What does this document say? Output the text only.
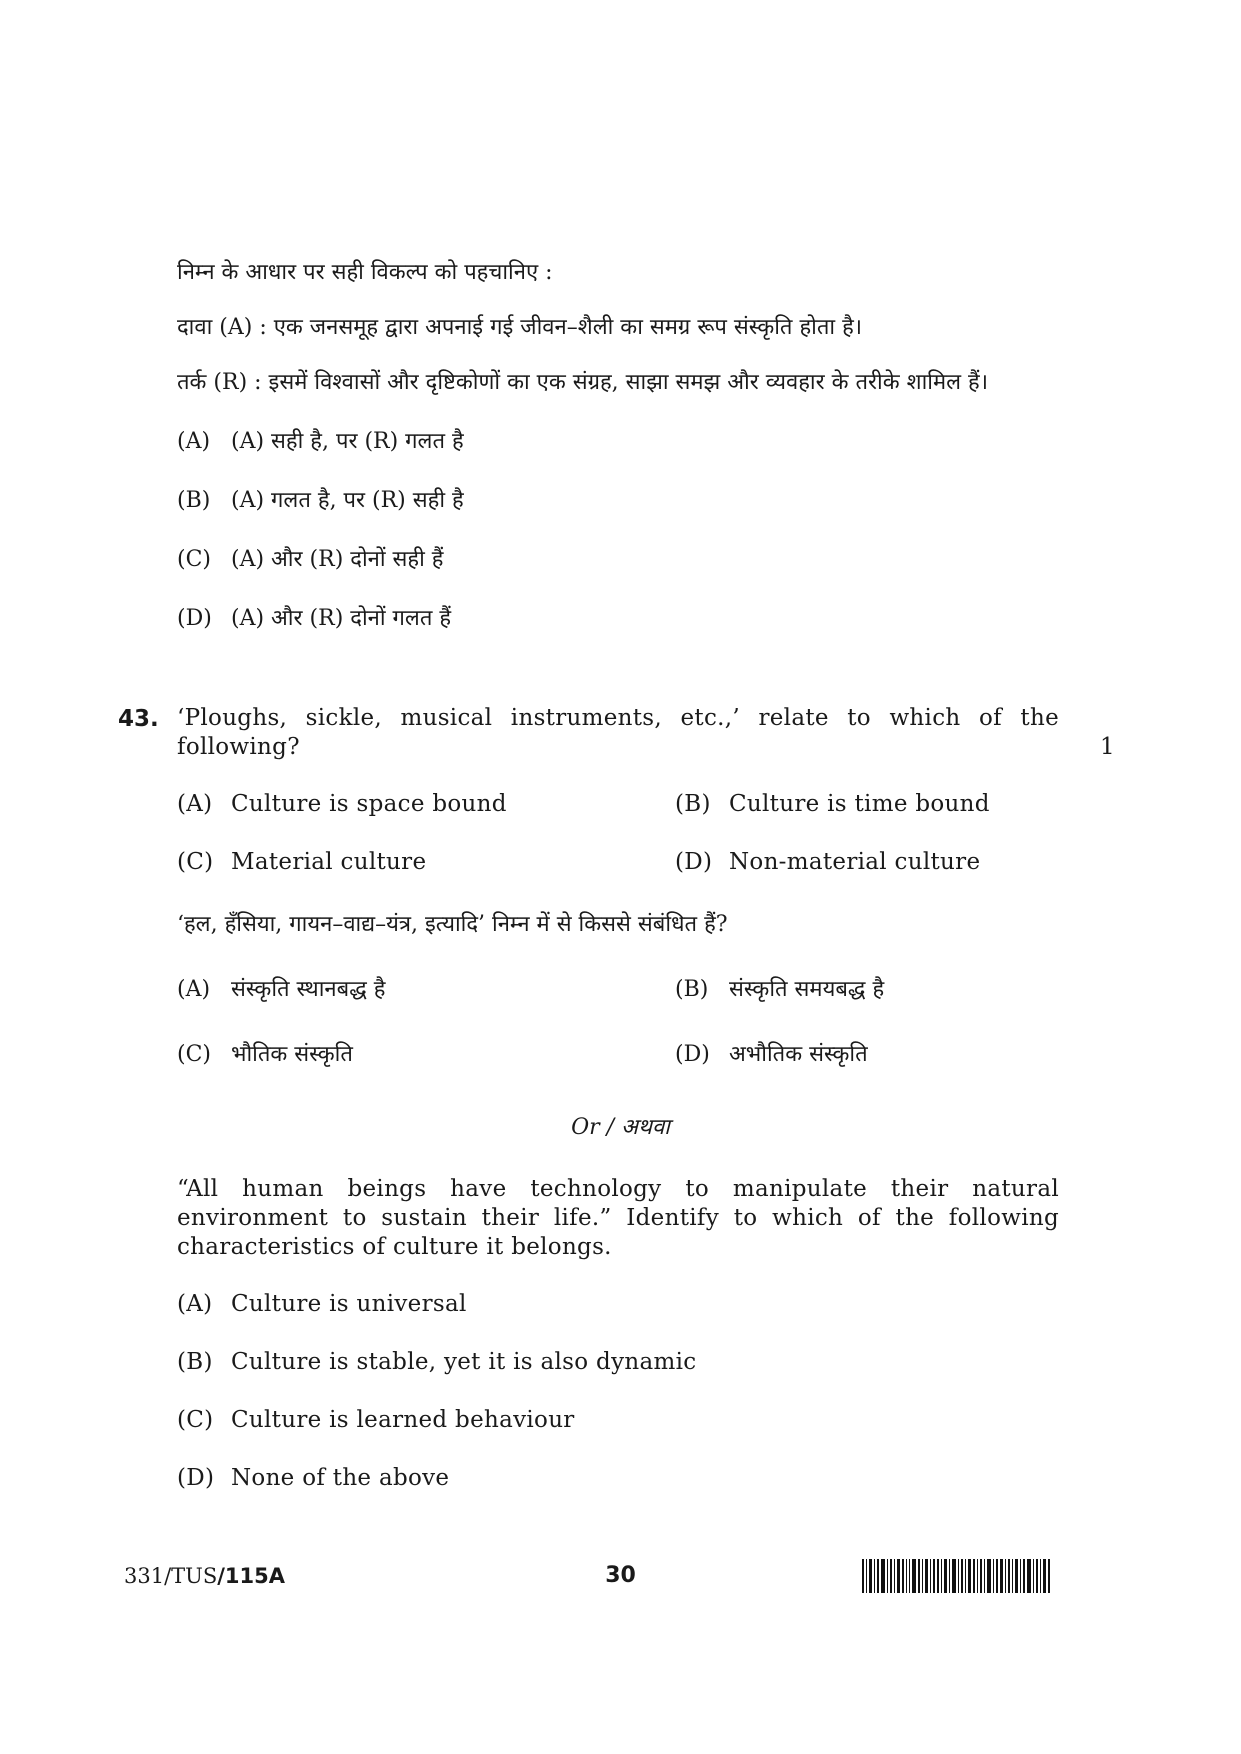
निम्न के आधार पर सही विकल्प को पहचानिए :
दावा (A) : एक जनसमूह द्वारा अपनाई गई जीवन–शैली का समग्र रूप संस्कृति होता है।
तर्क (R) : इसमें विश्वासों और दृष्टिकोणों का एक संग्रह, साझा समझ और व्यवहार के तरीके शामिल हैं।
(A) (A) सही है, पर (R) गलत है
(B) (A) गलत है, पर (R) सही है
(C) (A) और (R) दोनों सही हैं
(D) (A) और (R) दोनों गलत हैं
43. ‘Ploughs, sickle, musical instruments, etc.,’ relate to which of the
following?	1
(A) Culture is space bound	(B) Culture is time bound
(C) Material culture	(D) Non-material culture
‘हल, हँसिया, गायन–वाद्य–यंत्र, इत्यादि’ निम्न में से किससे संबंधित हैं?
(A) संस्कृति स्थानबद्ध है	(B) संस्कृति समयबद्ध है
(C) भौतिक संस्कृति	(D) अभौतिक संस्कृति
Or / अथवा
“All human beings have technology to manipulate their natural
environment to sustain their life.” Identify to which of the following
characteristics of culture it belongs.
(A) Culture is universal
(B) Culture is stable, yet it is also dynamic
(C) Culture is learned behaviour
(D) None of the above
331/TUS/115A	30
